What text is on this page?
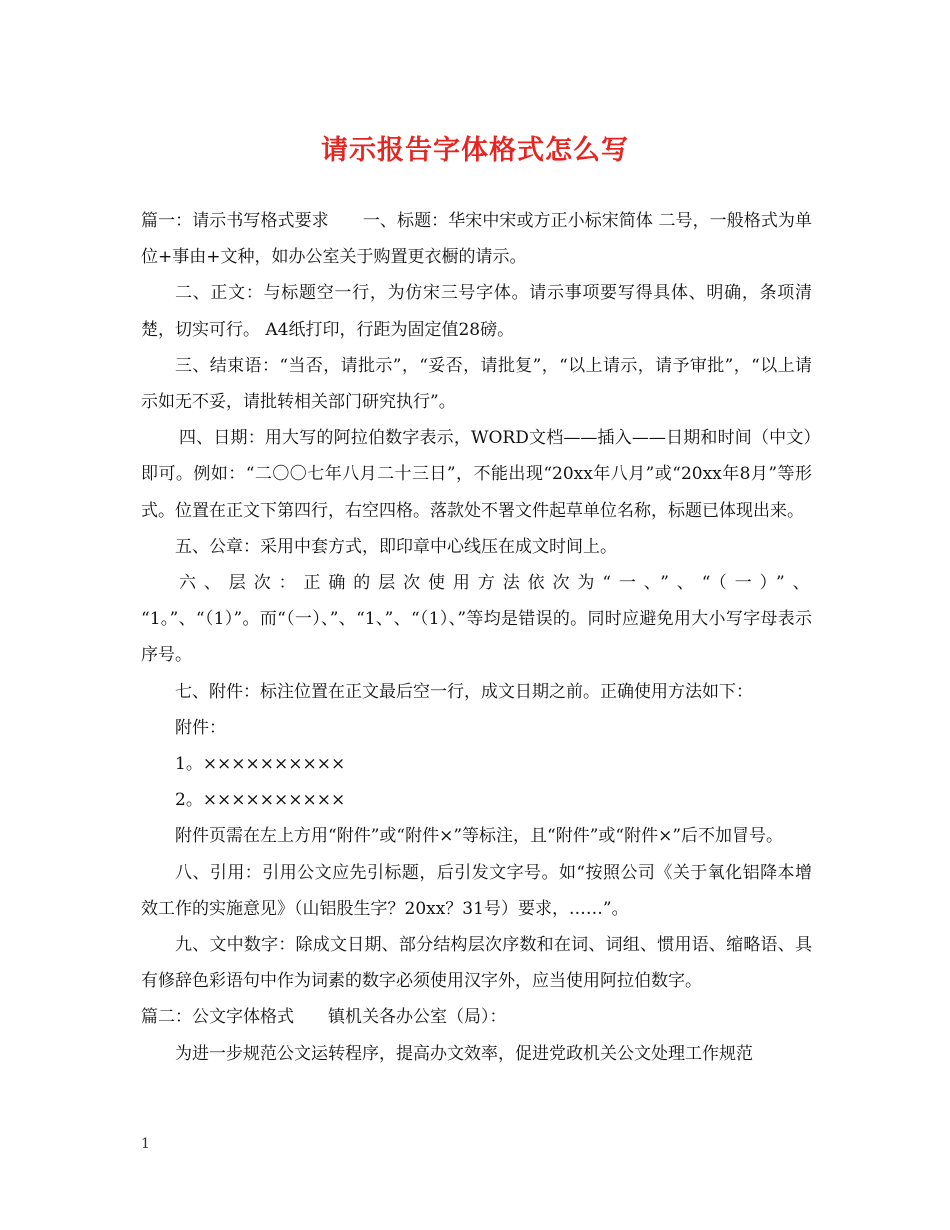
请示报告字体格式怎么写

篇一：请示书写格式要求　　一、标题：华宋中宋或方正小标宋简体 二号，一般格式为单位+事由+文种，如办公室关于购置更衣橱的请示。

二、正文：与标题空一行，为仿宋三号字体。请示事项要写得具体、明确，条项清楚，切实可行。 A4纸打印，行距为固定值28磅。

三、结束语：“当否，请批示”，“妥否，请批复”，“以上请示，请予审批”，“以上请示如无不妥，请批转相关部门研究执行”。

四、日期：用大写的阿拉伯数字表示，WORD文档——插入——日期和时间（中文）即可。例如：“二〇〇七年八月二十三日”，不能出现“20xx年八月”或“20xx年8月”等形式。位置在正文下第四行，右空四格。落款处不署文件起草单位名称，标题已体现出来。

五、公章：采用中套方式，即印章中心线压在成文时间上。

六、层次：正确的层次使用方法依次为“一、”、“（一）”、

“1。”、“（1）”。而“（一）、”、“1、”、“（1）、”等均是错误的。同时应避免用大小写字母表示序号。

七、附件：标注位置在正文最后空一行，成文日期之前。正确使用方法如下：

附件：

1。××××××××××

2。××××××××××

附件页需在左上方用“附件”或“附件×”等标注，且“附件”或“附件×”后不加冒号。

八、引用：引用公文应先引标题，后引发文字号。如“按照公司《关于氧化铝降本增效工作的实施意见》（山铝股生字？20xx？31号）要求，……”。

九、文中数字：除成文日期、部分结构层次序数和在词、词组、惯用语、缩略语、具有修辞色彩语句中作为词素的数字必须使用汉字外，应当使用阿拉伯数字。

篇二：公文字体格式　　镇机关各办公室（局）：

为进一步规范公文运转程序，提高办文效率，促进党政机关公文处理工作规范

1
